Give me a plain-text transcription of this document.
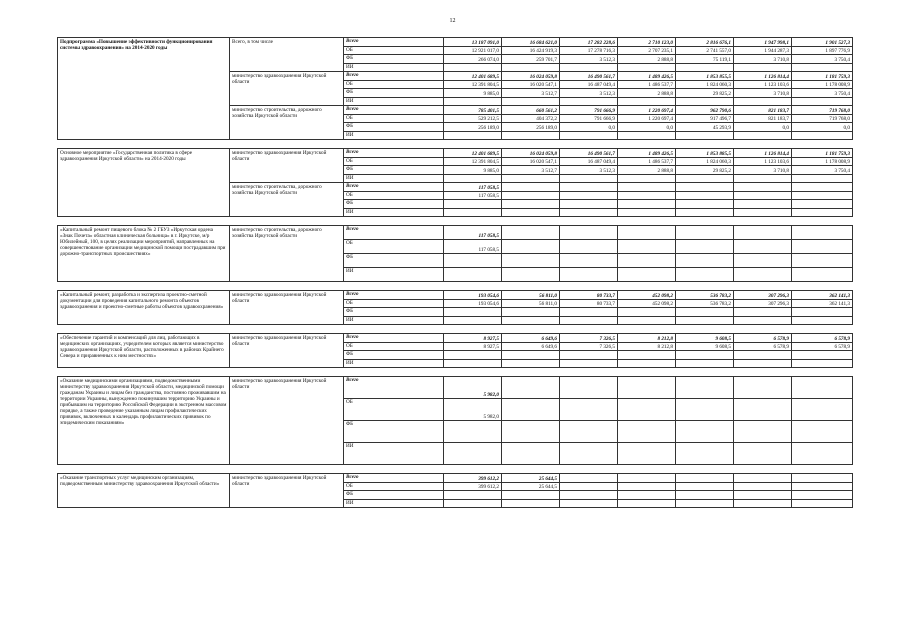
12
Подпрограмма «Повышение эффективности функционирования системы здравоохранения» на 2014-2020 годы	Всего, в том числе	Всего	13 187 091,0	16 684 621,0	17 282 228,6	2 710 123,0	2 816 676,1	1 947 998,1	1 901 527,3
		ОБ	12 921 017,0	16 424 919,3	17 278 716,3	2 707 235,1	2 741 557,0	1 944 287,3	1 897 776,9
		ФБ	266 074,0	259 701,7	3 512,3	2 888,8	75 119,1	3 710,8	3 750,4
		ИИ							
	министерство здравоохранения Иркутской области	Всего	12 401 689,5	16 024 059,8	16 490 561,7	1 489 426,5	1 853 855,5	1 126 814,4	1 181 759,3
		ОБ	12 391 804,5	16 020 547,1	16 487 049,4	1 486 537,7	1 824 060,3	1 123 103,6	1 178 008,9
		ФБ	9 885,0	3 512,7	3 512,3	2 888,8	29 825,2	3 710,8	3 750,4
		ИИ							
	министерство строительства, дорожного хозяйства Иркутской области	Всего	785 401,5	660 561,2	791 666,9	1 220 697,4	962 790,6	821 183,7	719 768,0
		ОБ	529 212,5	404 372,2	791 666,9	1 220 697,4	917 496,7	821 183,7	719 768,0
		ФБ	256 189,0	256 189,0	0,0	0,0	45 293,9	0,0	0,0
		ИИ							

Основное мероприятие «Государственная политика в сфере здравоохранения Иркутской области» на 2014-2020 годы	министерство здравоохранения Иркутской области	Всего	12 401 689,5	16 024 059,8	16 490 561,7	1 489 426,5	1 853 885,5	1 126 814,4	1 181 759,3
		ОБ	12 391 804,5	16 020 547,1	16 487 049,4	1 486 537,7	1 824 060,3	1 123 103,6	1 178 008,9
		ФБ	9 885,0	3 512,7	3 512,3	2 888,8	29 825,2	3 710,8	3 750,4
		ИИ							
	министерство строительства, дорожного хозяйства Иркутской области	Всего	117 058,5						
		ОБ	117 058,5						
		ФБ							
		ИИ							

«Капитальный ремонт пищевого блока № 2 ГБУЗ «Иркутская ордена «Знак Почета» областная клиническая больница» в г. Иркутске, м/р Юбилейный, 100, в целях реализации мероприятий, направленных на совершенствование организации медицинской помощи пострадавшим при дорожно-транспортных происшествиях»	министерство строительства, дорожного хозяйства Иркутской области	Всего	117 058,5						
		ОБ	117 058,5						
		ФБ							
		ИИ							

«Капитальный ремонт, разработка и экспертиза проектно-сметной документации для проведения капитального ремонта объектов здравоохранения и проектно-сметные работы объектов здравоохранения»	министерство здравоохранения Иркутской области	Всего	193 054,6	56 811,0	80 733,7	452 098,2	536 783,2	307 296,3	362 141,3
		ОБ	193 054,6	56 811,0	80 733,7	452 098,2	536 783,2	307 296,3	362 141,3
		ФБ							
		ИИ							

«Обеспечение гарантий и компенсаций для лиц, работающих в медицинских организациях, учредителем которых является министерство здравоохранения Иркутской области, расположенных в районах Крайнего Севера и приравненных к ним местностях»	министерство здравоохранения Иркутской области	Всего	8 927,5	6 649,6	7 326,5	8 212,8	9 608,5	6 578,9	6 578,9
		ОБ	8 927,5	6 649,6	7 326,5	8 212,8	9 608,5	6 578,9	6 578,9
		ФБ							
		ИИ							

«Оказание медицинскими организациями, подведомственными министерству здравоохранения Иркутской области, медицинской помощи гражданам Украины и лицам без гражданства, постоянно проживавшим на территории Украины, вынужденно покинувшим территорию Украины и прибывшим на территорию Российской Федерации в экстренном массовом порядке, а также проведение указанным лицам профилактических прививок, включенных в календарь профилактических прививок по эпидемическим показаниям»	министерство здравоохранения Иркутской области	Всего	5 982,0						
		ОБ	5 982,0						
		ФБ							
		ИИ							

«Оказание транспортных услуг медицинским организациям, подведомственным министерству здравоохранения Иркутской области»	министерство здравоохранения Иркутской области	Всего	399 612,2	25 644,5					
		ОБ	399 612,2	25 644,5					
		ФБ							
		ИИ							
